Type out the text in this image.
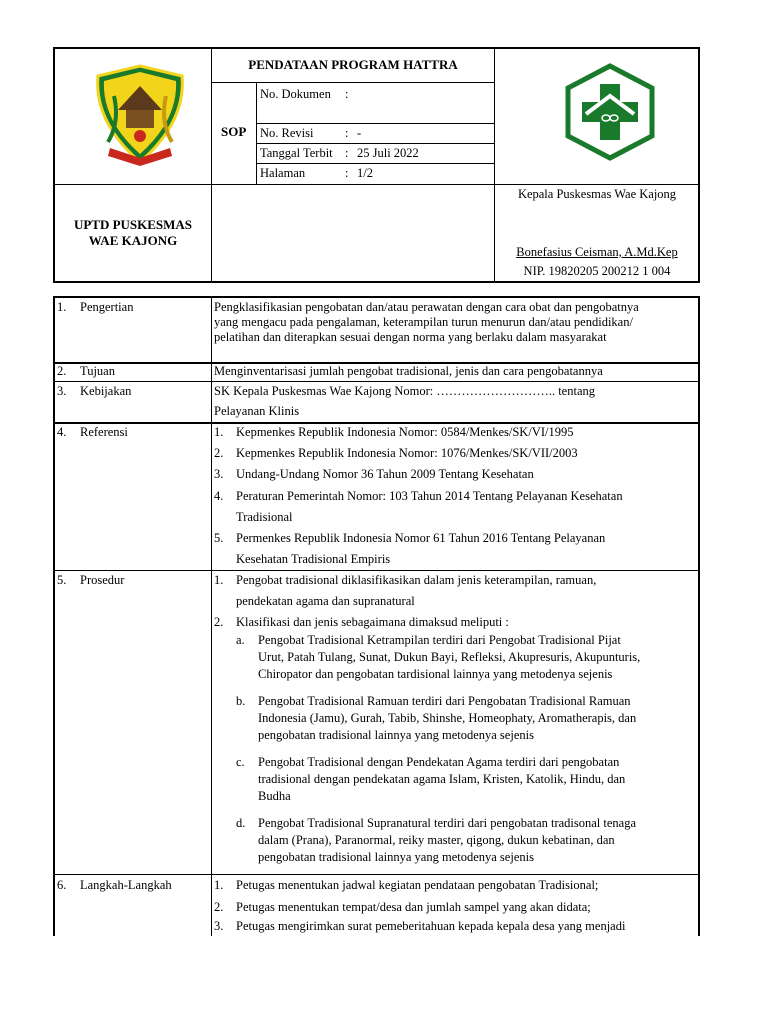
PENDATAAN PROGRAM HATTRA
SOP
No. Dokumen :
No. Revisi	: -
Tanggal Terbit : 25 Juli 2022
Halaman	: 1/2
UPTD PUSKESMAS
WAE KAJONG
Kepala Puskesmas Wae Kajong
Bonefasius Ceisman, A.Md.Kep
NIP. 19820205 200212 1 004
1. Pengertian	Pengklasifikasian pengobatan dan/atau perawatan dengan cara obat dan pengobatnya
yang mengacu pada pengalaman, keterampilan turun menurun dan/atau pendidikan/
pelatihan dan diterapkan sesuai dengan norma yang berlaku dalam masyarakat
2. Tujuan	Menginventarisasi jumlah pengobat tradisional, jenis dan cara pengobatannya
3. Kebijakan	SK Kepala Puskesmas Wae Kajong Nomor: ……………………….. tentang
Pelayanan Klinis
4. Referensi	1. Kepmenkes Republik Indonesia Nomor: 0584/Menkes/SK/VI/1995
2. Kepmenkes Republik Indonesia Nomor: 1076/Menkes/SK/VII/2003
3. Undang-Undang Nomor 36 Tahun 2009 Tentang Kesehatan
4. Peraturan Pemerintah Nomor: 103 Tahun 2014 Tentang Pelayanan Kesehatan
Tradisional
5. Permenkes Republik Indonesia Nomor 61 Tahun 2016 Tentang Pelayanan
Kesehatan Tradisional Empiris
5. Prosedur	1. Pengobat tradisional diklasifikasikan dalam jenis keterampilan, ramuan,
pendekatan agama dan supranatural
2. Klasifikasi dan jenis sebagaimana dimaksud meliputi :
a. Pengobat Tradisional Ketrampilan terdiri dari Pengobat Tradisional Pijat
Urut, Patah Tulang, Sunat, Dukun Bayi, Refleksi, Akupresuris, Akupunturis,
Chiropator dan pengobatan tardisional lainnya yang metodenya sejenis
b. Pengobat Tradisional Ramuan terdiri dari Pengobatan Tradisional Ramuan
Indonesia (Jamu), Gurah, Tabib, Shinshe, Homeophaty, Aromatherapis, dan
pengobatan tradisional lainnya yang metodenya sejenis
c. Pengobat Tradisional dengan Pendekatan Agama terdiri dari pengobatan
tradisional dengan pendekatan agama Islam, Kristen, Katolik, Hindu, dan
Budha
d. Pengobat Tradisional Supranatural terdiri dari pengobatan tradisonal tenaga
dalam (Prana), Paranormal, reiky master, qigong, dukun kebatinan, dan
pengobatan tradisional lainnya yang metodenya sejenis
6. Langkah-Langkah	1. Petugas menentukan jadwal kegiatan pendataan pengobatan Tradisional;
2. Petugas menentukan tempat/desa dan jumlah sampel yang akan didata;
3. Petugas mengirimkan surat pemeberitahuan kepada kepala desa yang menjadi
